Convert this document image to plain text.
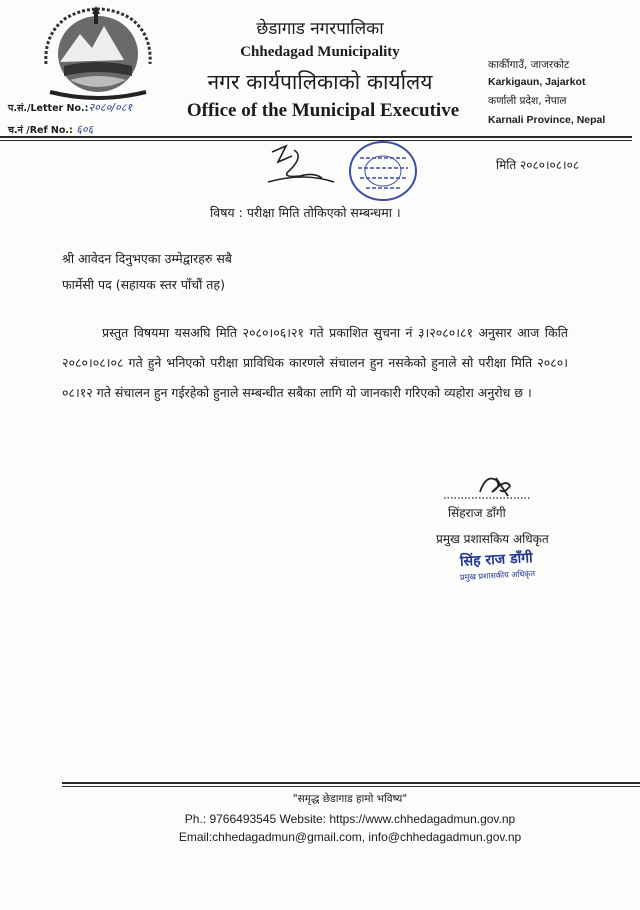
छेडागाड नगरपालिका
Chhedagad Municipality
नगर कार्यपालिकाको कार्यालय
Office of the Municipal Executive
कार्कीगाउँ, जाजरकोट
Karkigaun, Jajarkot
कर्णाली प्रदेश, नेपाल
Karnali Province, Nepal
प.सं./Letter No.:२०८०/०८१
च.नं /Ref No.: ६०६
मिति २०८०।०८।०८
विषय : परीक्षा मिति तोकिएको सम्बन्धमा ।
श्री आवेदन दिनुभएका उम्मेद्वारहरु सबै
फार्मेसी पद (सहायक स्तर पाँचौं तह)
प्रस्तुत विषयमा यसअघि मिति २०८०।०६।२१ गते प्रकाशित सुचना नं ३।२०८०।८१ अनुसार आज किति २०८०।०८।०८ गते हुने भनिएको परीक्षा प्राविधिक कारणले संचालन हुन नसकेको हुनाले सो परीक्षा मिति २०८०।०८।१२ गते संचालन हुन गईरहेको हुनाले सम्बन्धीत सबैका लागि यो जानकारी गरिएको व्यहोरा अनुरोध छ ।
सिंहराज डाँगी
प्रमुख प्रशासकिय अधिकृत
सिंह राज डाँगी
प्रमुख प्रशासकीय अधिकृत
"समृद्ध छेडागाड हामो भविष्य"
Ph.: 9766493545 Website: https://www.chhedagadmun.gov.np
Email:chhedagadmun@gmail.com, info@chhedagadmun.gov.np
